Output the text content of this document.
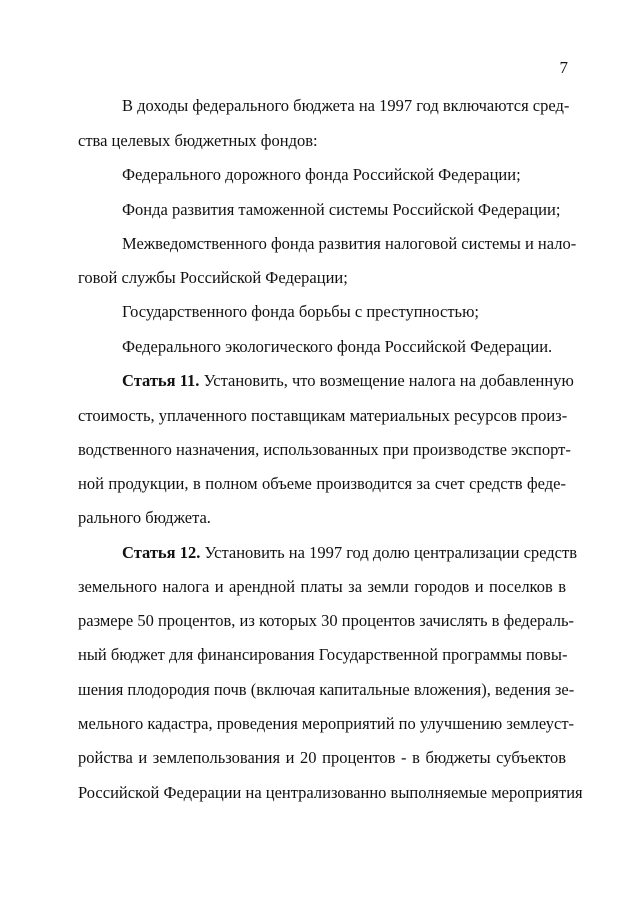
7
В доходы федерального бюджета на 1997 год включаются сред-
ства целевых бюджетных фондов:
Федерального дорожного фонда Российской Федерации;
Фонда развития таможенной системы Российской Федерации;
Межведомственного фонда развития налоговой системы и нало-
говой службы Российской Федерации;
Государственного фонда борьбы с преступностью;
Федерального экологического фонда Российской Федерации.
Статья 11. Установить, что возмещение налога на добавленную
стоимость, уплаченного поставщикам материальных ресурсов произ-
водственного назначения, использованных при производстве экспорт-
ной продукции, в полном объеме производится за счет средств феде-
рального бюджета.
Статья 12. Установить на 1997 год долю централизации средств
земельного налога и арендной платы за земли городов и поселков в
размере 50 процентов, из которых 30 процентов зачислять в федераль-
ный бюджет для финансирования Государственной программы повы-
шения плодородия почв (включая капитальные вложения), ведения зе-
мельного кадастра, проведения мероприятий по улучшению землеуст-
ройства и землепользования и 20 процентов - в бюджеты субъектов
Российской Федерации на централизованно выполняемые мероприятия
